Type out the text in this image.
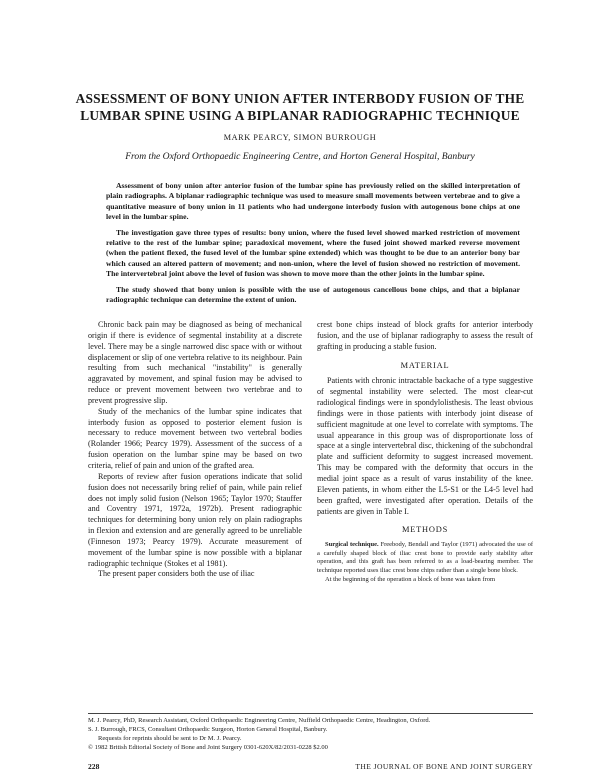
ASSESSMENT OF BONY UNION AFTER INTERBODY FUSION OF THE
LUMBAR SPINE USING A BIPLANAR RADIOGRAPHIC TECHNIQUE
MARK PEARCY, SIMON BURROUGH
From the Oxford Orthopaedic Engineering Centre, and Horton General Hospital, Banbury

Assessment of bony union after anterior fusion of the lumbar spine has previously relied on the skilled interpretation of plain radiographs. A biplanar radiographic technique was used to measure small movements between vertebrae and to give a quantitative measure of bony union in 11 patients who had undergone interbody fusion with autogenous bone chips at one level in the lumbar spine.

The investigation gave three types of results: bony union, where the fused level showed marked restriction of movement relative to the rest of the lumbar spine; paradoxical movement, where the fused joint showed marked reverse movement (when the patient flexed, the fused level of the lumbar spine extended) which was thought to be due to an anterior bony bar which caused an altered pattern of movement; and non-union, where the level of fusion showed no restriction of movement. The intervertebral joint above the level of fusion was shown to move more than the other joints in the lumbar spine.

The study showed that bony union is possible with the use of autogenous cancellous bone chips, and that a biplanar radiographic technique can determine the extent of union.

Chronic back pain may be diagnosed as being of mechanical origin if there is evidence of segmental instability at a discrete level. There may be a single narrowed disc space with or without displacement or slip of one vertebra relative to its neighbour. Pain resulting from such mechanical "instability" is generally aggravated by movement, and spinal fusion may be advised to reduce or prevent movement between two vertebrae and to prevent progressive slip.

Study of the mechanics of the lumbar spine indicates that interbody fusion as opposed to posterior element fusion is necessary to reduce movement between two vertebral bodies (Rolander 1966; Pearcy 1979). Assessment of the success of a fusion operation on the lumbar spine may be based on two criteria, relief of pain and union of the grafted area.

Reports of review after fusion operations indicate that solid fusion does not necessarily bring relief of pain, while pain relief does not imply solid fusion (Nelson 1965; Taylor 1970; Stauffer and Coventry 1971, 1972a, 1972b). Present radiographic techniques for determining bony union rely on plain radiographs in flexion and extension and are generally agreed to be unreliable (Finneson 1973; Pearcy 1979). Accurate measurement of movement of the lumbar spine is now possible with a biplanar radiographic technique (Stokes et al 1981).

The present paper considers both the use of iliac

crest bone chips instead of block grafts for anterior interbody fusion, and the use of biplanar radiography to assess the result of grafting in producing a stable fusion.

MATERIAL

Patients with chronic intractable backache of a type suggestive of segmental instability were selected. The most clear-cut radiological findings were in spondylolisthesis. The least obvious findings were in those patients with interbody joint disease of sufficient magnitude at one level to correlate with symptoms. The usual appearance in this group was of disproportionate loss of space at a single intervertebral disc, thickening of the subchondral plate and sufficient deformity to suggest increased movement. This may be compared with the deformity that occurs in the medial joint space as a result of varus instability of the knee. Eleven patients, in whom either the L5-S1 or the L4-5 level had been grafted, were investigated after operation. Details of the patients are given in Table I.

METHODS

Surgical technique. Freebody, Bendall and Taylor (1971) advocated the use of a carefully shaped block of iliac crest bone to provide early stability after operation, and this graft has been referred to as a load-bearing member. The technique reported uses iliac crest bone chips rather than a single bone block.

At the beginning of the operation a block of bone was taken from

M. J. Pearcy, PhD, Research Assistant, Oxford Orthopaedic Engineering Centre, Nuffield Orthopaedic Centre, Headington, Oxford.

S. J. Burrough, FRCS, Consultant Orthopaedic Surgeon, Horton General Hospital, Banbury.

Requests for reprints should be sent to Dr M. J. Pearcy.

© 1982 British Editorial Society of Bone and Joint Surgery 0301-620X/82/2031-0228 $2.00

228	THE JOURNAL OF BONE AND JOINT SURGERY
